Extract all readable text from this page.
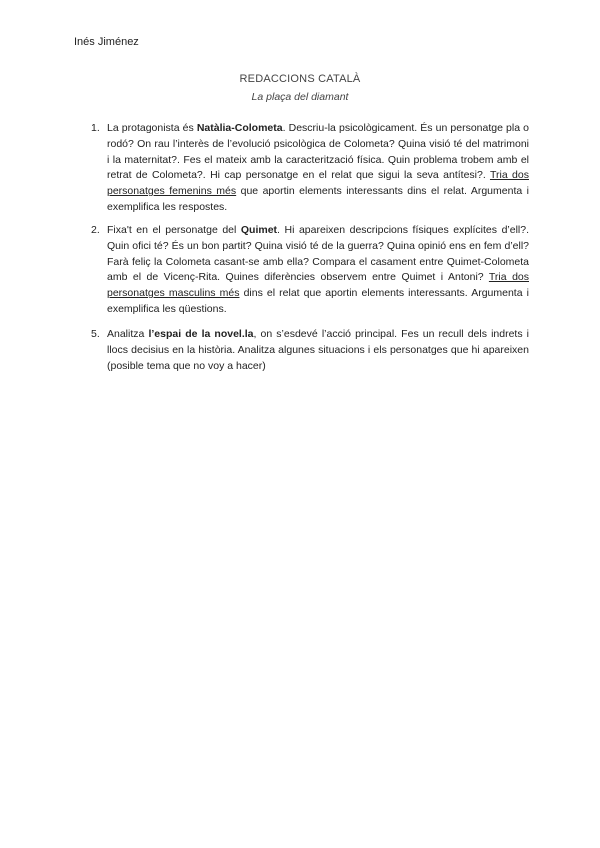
Inés Jiménez
REDACCIONS CATALÀ
La plaça del diamant
1. La protagonista és Natàlia-Colometa. Descriu-la psicològicament. És un personatge pla o rodó? On rau l’interès de l’evolució psicològica de Colometa? Quina visió té del matrimoni i la maternitat?. Fes el mateix amb la caracterització física. Quin problema trobem amb el retrat de Colometa?. Hi cap personatge en el relat que sigui la seva antítesi?. Tria dos personatges femenins més que aportin elements interessants dins el relat. Argumenta i exemplifica les respostes.
2. Fixa't en el personatge del Quimet. Hi apareixen descripcions físiques explícites d’ell?. Quin ofici té? És un bon partit? Quina visió té de la guerra? Quina opinió ens en fem d’ell? Farà feliç la Colometa casant-se amb ella? Compara el casament entre Quimet-Colometa amb el de Vicenç-Rita. Quines diferències observem entre Quimet i Antoni? Tria dos personatges masculins més dins el relat que aportin elements interessants. Argumenta i exemplifica les qüestions.
5. Analitza l’espai de la novel.la, on s’esdevé l’acció principal. Fes un recull dels indrets i llocs decisius en la història. Analitza algunes situacions i els personatges que hi apareixen (posible tema que no voy a hacer)
